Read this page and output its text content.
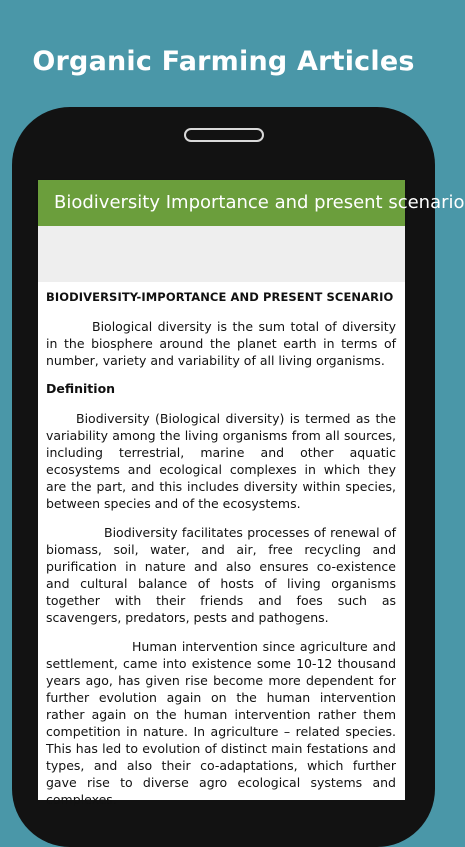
Organic Farming Articles
Biodiversity Importance and present scenario
BIODIVERSITY-IMPORTANCE AND PRESENT SCENARIO

Biological diversity is the sum total of diversity in the biosphere around the planet earth in terms of number, variety and variability of all living organisms.

Definition

Biodiversity (Biological diversity) is termed as the variability among the living organisms from all sources, including terrestrial, marine and other aquatic ecosystems and ecological complexes in which they are the part, and this includes diversity within species, between species and of the ecosystems.

Biodiversity facilitates processes of renewal of biomass, soil, water, and air, free recycling and purification in nature and also ensures co-existence and cultural balance of hosts of living organisms together with their friends and foes such as scavengers, predators, pests and pathogens.

Human intervention since agriculture and settlement, came into existence some 10-12 thousand years ago, has given rise become more dependent for further evolution again on the human intervention rather again on the human intervention rather them competition in nature. In agriculture – related species. This has led to evolution of distinct main festations and types, and also their co-adaptations, which further gave rise to diverse agro ecological systems and complexes.
